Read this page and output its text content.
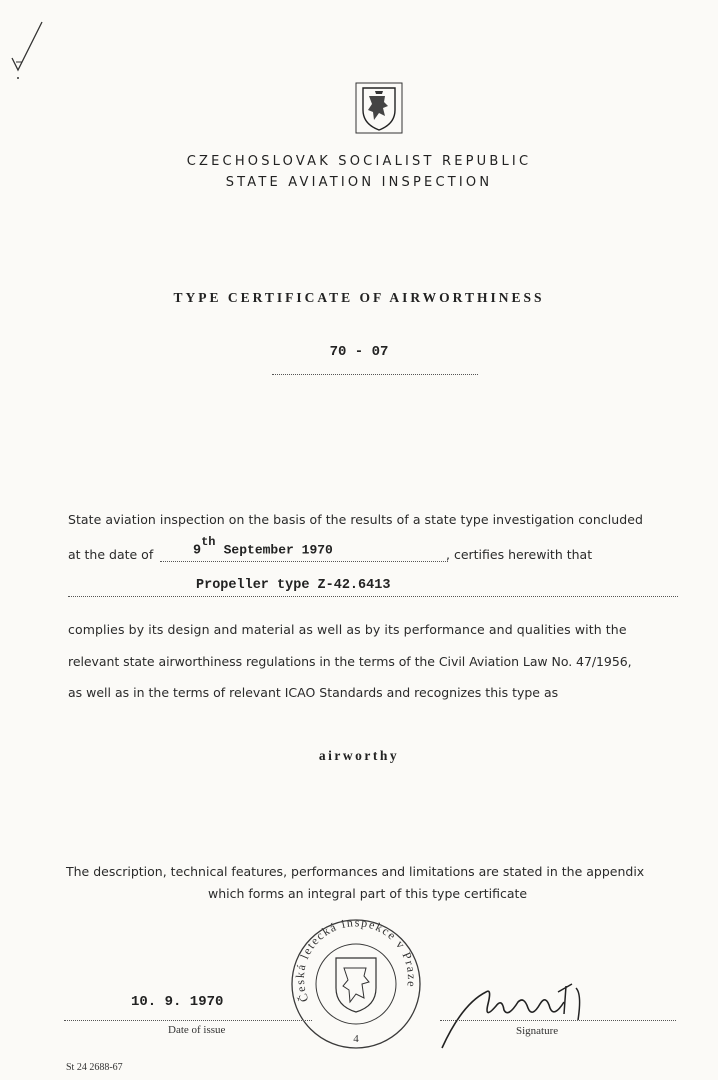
CZECHOSLOVAK SOCIALIST REPUBLIC
STATE AVIATION INSPECTION
TYPE CERTIFICATE OF AIRWORTHINESS
70 - 07
State aviation inspection on the basis of the results of a state type investigation concluded
at the date of	9th September 1970	, certifies herewith that
Propeller type Z-42.6413
complies by its design and material as well as by its performance and qualities with the
relevant state airworthiness regulations in the terms of the Civil Aviation Law No. 47/1956,
as well as in the terms of relevant ICAO Standards and recognizes this type as
airworthy
The description, technical features, performances and limitations are stated in the appendix
which forms an integral part of this type certificate
Česká letecká inspekce v Praze
4
10. 9. 1970
Date of issue	Signature
St 24 2688-67
